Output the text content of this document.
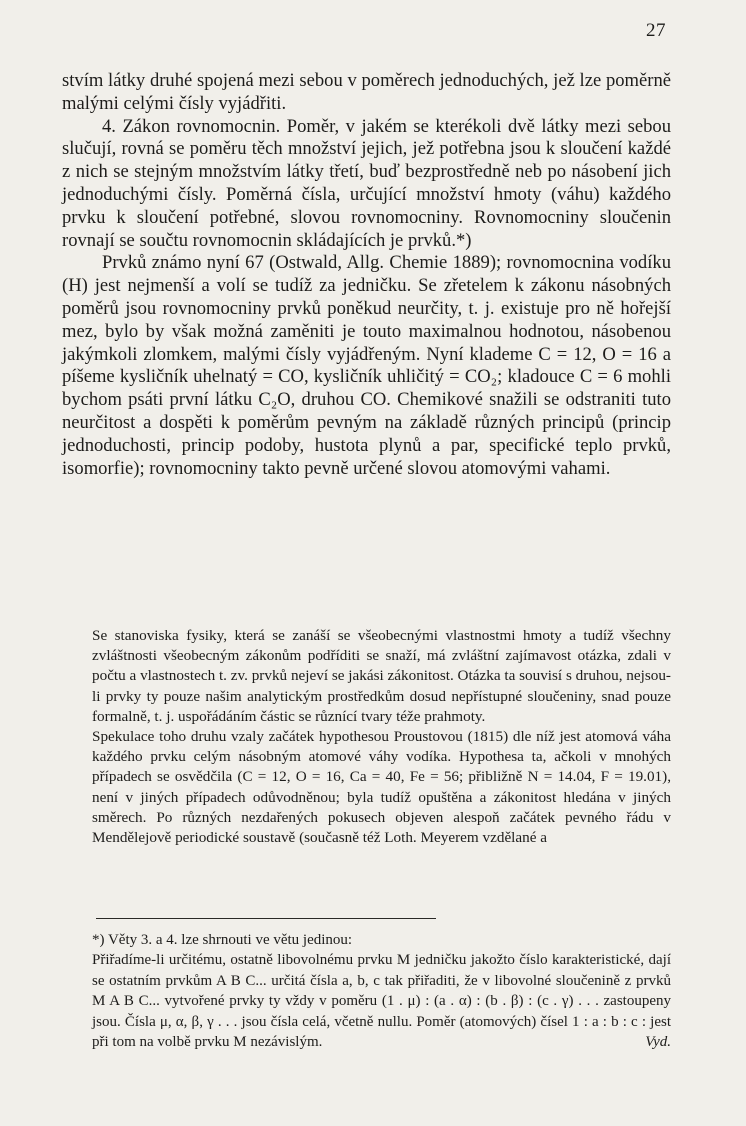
27

stvím látky druhé spojená mezi sebou v poměrech jednoduchých, jež lze poměrně malými celými čísly vyjádřiti.

4. Zákon rovnomocnin. Poměr, v jakém se kterékoli dvě látky mezi sebou slučují, rovná se poměru těch množství jejich, jež potřebna jsou k sloučení každé z nich se stejným množstvím látky třetí, buď bezprostředně neb po násobení jich jednoduchými čísly. Poměrná čísla, určující množství hmoty (váhu) každého prvku k sloučení potřebné, slovou rovnomocniny. Rovnomocniny sloučenin rovnají se součtu rovnomocnin skládajících je prvků.*)

Prvků známo nyní 67 (Ostwald, Allg. Chemie 1889); rovnomocnina vodíku (H) jest nejmenší a volí se tudíž za jedničku. Se zřetelem k zákonu násobných poměrů jsou rovnomocniny prvků poněkud neurčity, t. j. existuje pro ně hořejší mez, bylo by však možná zaměniti je touto maximalnou hodnotou, násobenou jakýmkoli zlomkem, malými čísly vyjádřeným. Nyní klademe C = 12, O = 16 a píšeme kysličník uhelnatý = CO, kysličník uhličitý = CO₂; kladouce C = 6 mohli bychom psáti první látku C₂O, druhou CO. Chemikové snažili se odstraniti tuto neurčitost a dospěti k poměrům pevným na základě různých principů (princip jednoduchosti, princip podoby, hustota plynů a par, specifické teplo prvků, isomorfie); rovnomocniny takto pevně určené slovou atomovými vahami.

Se stanoviska fysiky, která se zanáší se všeobecnými vlastnostmi hmoty a tudíž všechny zvláštnosti všeobecným zákonům podříditi se snaží, má zvláštní zajímavost otázka, zdali v počtu a vlastnostech t. zv. prvků nejeví se jakási zákonitost. Otázka ta souvisí s druhou, nejsou-li prvky ty pouze našim analytickým prostředkům dosud nepřístupné sloučeniny, snad pouze formalně, t. j. uspořádáním částic se různící tvary téže prahmoty.

Spekulace toho druhu vzaly začátek hypothesou Proustovou (1815) dle níž jest atomová váha každého prvku celým násobným atomové váhy vodíka. Hypothesa ta, ačkoli v mnohých případech se osvědčila (C = 12, O = 16, Ca = 40, Fe = 56; přibližně N = 14.04, F = 19.01), není v jiných případech odůvodněnou; byla tudíž opuštěna a zákonitost hledána v jiných směrech. Po různých nezdařených pokusech objeven alespoň začátek pevného řádu v Mendělejově periodické soustavě (současně též Loth. Meyerem vzdělané a

*) Věty 3. a 4. lze shrnouti ve větu jedinou:

Přiřadíme-li určitému, ostatně libovolnému prvku M jedničku jakožto číslo karakteristické, dají se ostatním prvkům A B C... určitá čísla a, b, c tak přiřaditi, že v libovolné sloučenině z prvků M A B C... vytvořené prvky ty vždy v poměru (1 . μ) : (a . α) : (b . β) : (c . γ) . . . zastoupeny jsou. Čísla μ, α, β, γ . . . jsou čísla celá, včetně nullu. Poměr (atomových) čísel 1 : a : b : c : jest při tom na volbě prvku M nezávislým.	Vyd.
